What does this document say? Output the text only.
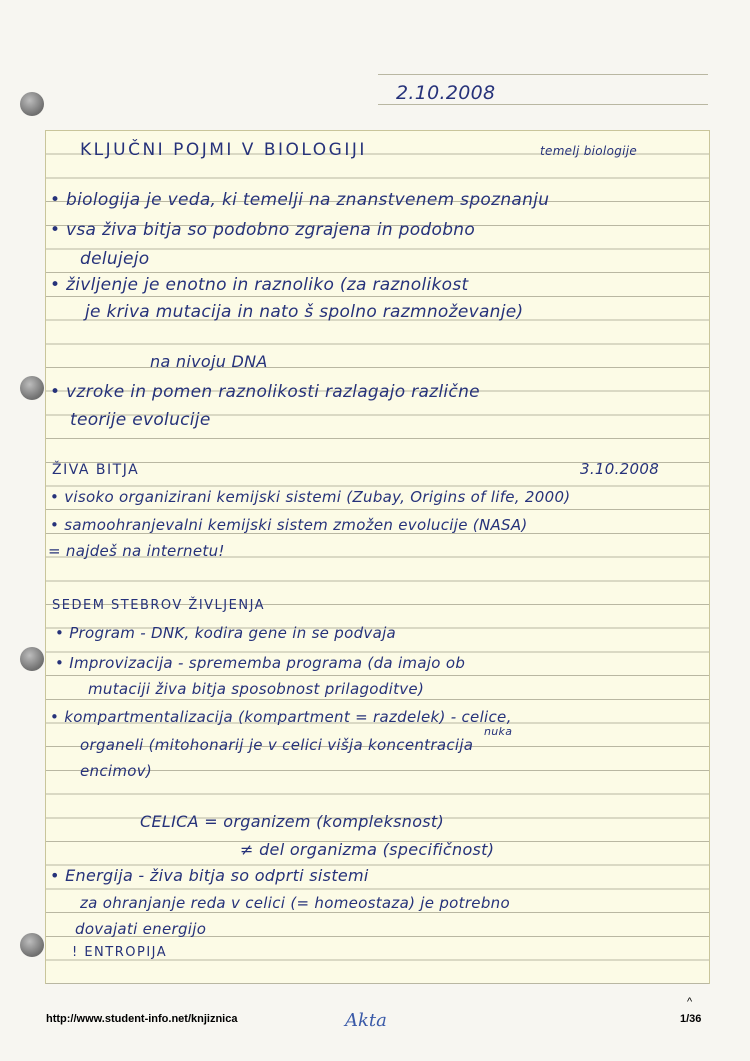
2.10.2008
KLJUČNI POJMI V BIOLOGIJI	temelj biologije
• biologija je veda, ki temelji na znanstvenem spoznanju
• vsa živa bitja so podobno zgrajena in podobno
delujejo
• življenje je enotno in raznoliko (za raznolikost
je kriva mutacija in nato š spolno razmnoževanje)
na nivoju DNA
• vzroke in pomen raznolikosti razlagajo različne
teorije evolucije
ŽIVA BITJA	3.10.2008
• visoko organizirani kemijski sistemi (Zubay, Origins of life, 2000)
• samoohranjevalni kemijski sistem zmožen evolucije (NASA)
= najdeš na internetu!
SEDEM STEBROV ŽIVLJENJA
• Program - DNK, kodira gene in se podvaja
• Improvizacija - sprememba programa (da imajo ob
mutaciji živa bitja sposobnost prilagoditve)
• kompartmentalizacija (kompartment = razdelek) - celice,
organeli (mitohonarij je v celici višja koncentracija
nuka
encimov)
CELICA = organizem (kompleksnost)
≠ del organizma (specifičnost)
• Energija - živa bitja so odprti sistemi
za ohranjanje reda v celici (= homeostaza) je potrebno
dovajati energijo
! ENTROPIJA
http://www.student-info.net/knjiznica	Akta
^
1/36
